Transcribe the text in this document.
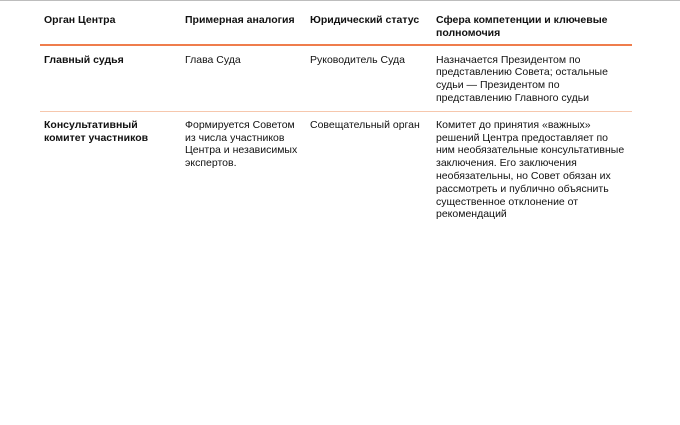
Орган Центра	Примерная аналогия	Юридический статус	Сфера компетенции и ключевые полномочия
Главный судья	Глава Суда	Руководитель Суда	Назначается Президентом по представлению Совета; остальные судьи — Президентом по представлению Главного судьи
Консультативный комитет участников	Формируется Советом из числа участников Центра и независимых экспертов.	Совещательный орган	Комитет до принятия «важных» решений Центра предоставляет по ним необязательные консультативные заключения. Его заключения необязательны, но Совет обязан их рассмотреть и публично объяснить существенное отклонение от рекомендаций
